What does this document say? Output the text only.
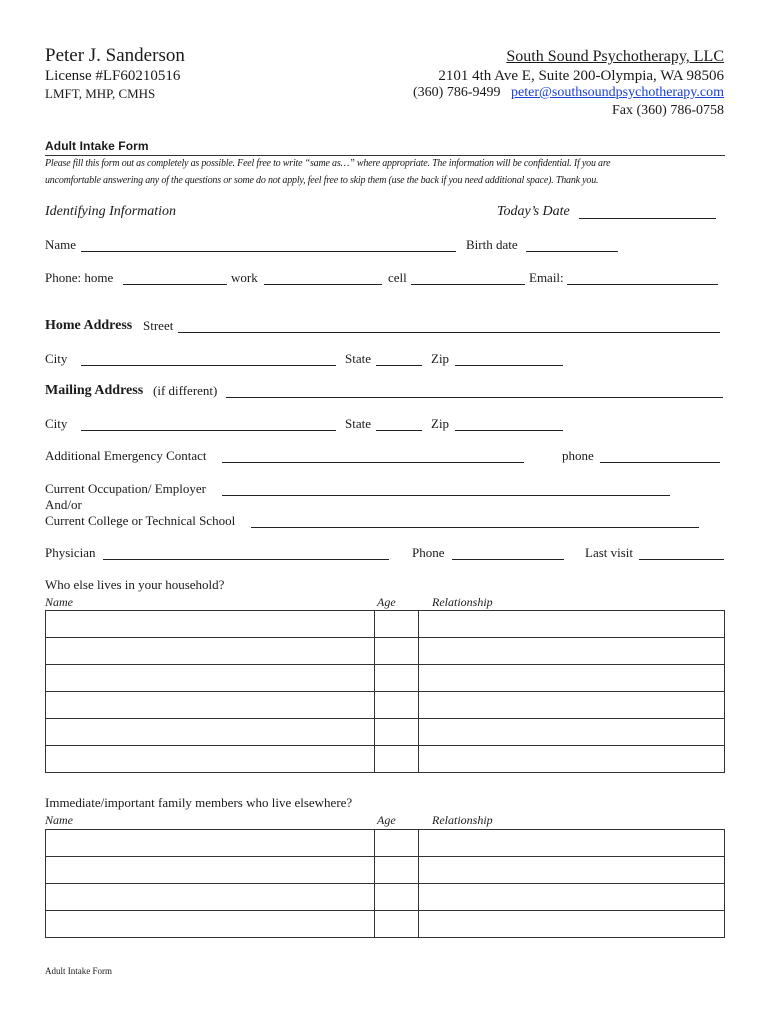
Peter J. Sanderson
License #LF60210516
LMFT, MHP, CMHS
South Sound Psychotherapy, LLC
2101 4th Ave E, Suite 200-Olympia, WA 98506
(360) 786-9499 peter@southsoundpsychotherapy.com
Fax (360) 786-0758
Adult Intake Form
Please fill this form out as completely as possible. Feel free to write “same as…” where appropriate. The information will be confidential. If you are
uncomfortable answering any of the questions or some do not apply, feel free to skip them (use the back if you need additional space). Thank you.
Identifying Information	Today’s Date
Name	Birth date
Phone: home	work	cell	Email:
Home Address Street
City	State	Zip
Mailing Address (if different)
City	State	Zip
Additional Emergency Contact	phone
Current Occupation/ Employer
And/or
Current College or Technical School
Physician	Phone	Last visit
Who else lives in your household?
Name	Age	Relationship

Immediate/important family members who live elsewhere?
Name	Age	Relationship

Adult Intake Form
